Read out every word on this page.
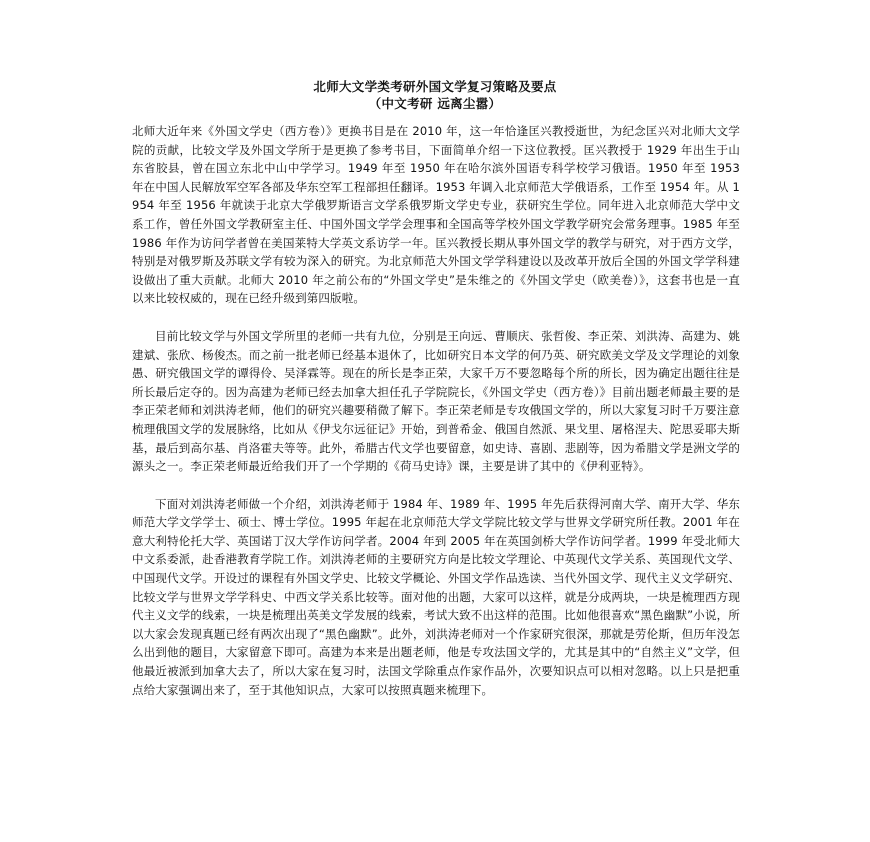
北师大文学类考研外国文学复习策略及要点
（中文考研 远离尘嚣）

北师大近年来《外国文学史（西方卷）》更换书目是在 2010 年，这一年恰逢匡兴教授逝世，为纪念匡兴对北师大文学院的贡献，比较文学及外国文学所于是更换了参考书目，下面简单介绍一下这位教授。匡兴教授于 1929 年出生于山东省胶县，曾在国立东北中山中学学习。1949 年至 1950 年在哈尔滨外国语专科学校学习俄语。1950 年至 1953 年在中国人民解放军空军各部及华东空军工程部担任翻译。1953 年调入北京师范大学俄语系，工作至 1954 年。从 1954 年至 1956 年就读于北京大学俄罗斯语言文学系俄罗斯文学史专业，获研究生学位。同年进入北京师范大学中文系工作，曾任外国文学教研室主任、中国外国文学学会理事和全国高等学校外国文学教学研究会常务理事。1985 年至 1986 年作为访问学者曾在美国莱特大学英文系访学一年。匡兴教授长期从事外国文学的教学与研究，对于西方文学，特别是对俄罗斯及苏联文学有较为深入的研究。为北京师范大外国文学学科建设以及改革开放后全国的外国文学学科建设做出了重大贡献。北师大 2010 年之前公布的“外国文学史”是朱维之的《外国文学史（欧美卷）》，这套书也是一直以来比较权威的，现在已经升级到第四版啦。

目前比较文学与外国文学所里的老师一共有九位，分别是王向远、曹顺庆、张哲俊、李正荣、刘洪涛、高建为、姚建斌、张欣、杨俊杰。而之前一批老师已经基本退休了，比如研究日本文学的何乃英、研究欧美文学及文学理论的刘象愚、研究俄国文学的谭得伶、吴泽霖等。现在的所长是李正荣，大家千万不要忽略每个所的所长，因为确定出题往往是所长最后定夺的。因为高建为老师已经去加拿大担任孔子学院院长，《外国文学史（西方卷）》目前出题老师最主要的是李正荣老师和刘洪涛老师，他们的研究兴趣要稍微了解下。李正荣老师是专攻俄国文学的，所以大家复习时千万要注意梳理俄国文学的发展脉络，比如从《伊戈尔远征记》开始，到普希金、俄国自然派、果戈里、屠格涅夫、陀思妥耶夫斯基，最后到高尔基、肖洛霍夫等等。此外，希腊古代文学也要留意，如史诗、喜剧、悲剧等，因为希腊文学是洲文学的源头之一。李正荣老师最近给我们开了一个学期的《荷马史诗》课，主要是讲了其中的《伊利亚特》。

下面对刘洪涛老师做一个介绍，刘洪涛老师于 1984 年、1989 年、1995 年先后获得河南大学、南开大学、华东师范大学文学学士、硕士、博士学位。1995 年起在北京师范大学文学院比较文学与世界文学研究所任教。2001 年在意大利特伦托大学、英国诺丁汉大学作访问学者。2004 年到 2005 年在英国剑桥大学作访问学者。1999 年受北师大中文系委派，赴香港教育学院工作。刘洪涛老师的主要研究方向是比较文学理论、中英现代文学关系、英国现代文学、中国现代文学。开设过的课程有外国文学史、比较文学概论、外国文学作品选读、当代外国文学、现代主义文学研究、比较文学与世界文学学科史、中西文学关系比较等。面对他的出题，大家可以这样，就是分成两块，一块是梳理西方现代主义文学的线索，一块是梳理出英美文学发展的线索，考试大致不出这样的范围。比如他很喜欢“黑色幽默”小说，所以大家会发现真题已经有两次出现了“黑色幽默”。此外，刘洪涛老师对一个作家研究很深，那就是劳伦斯，但历年没怎么出到他的题目，大家留意下即可。高建为本来是出题老师，他是专攻法国文学的，尤其是其中的“自然主义”文学，但他最近被派到加拿大去了，所以大家在复习时，法国文学除重点作家作品外，次要知识点可以相对忽略。以上只是把重点给大家强调出来了，至于其他知识点，大家可以按照真题来梳理下。
